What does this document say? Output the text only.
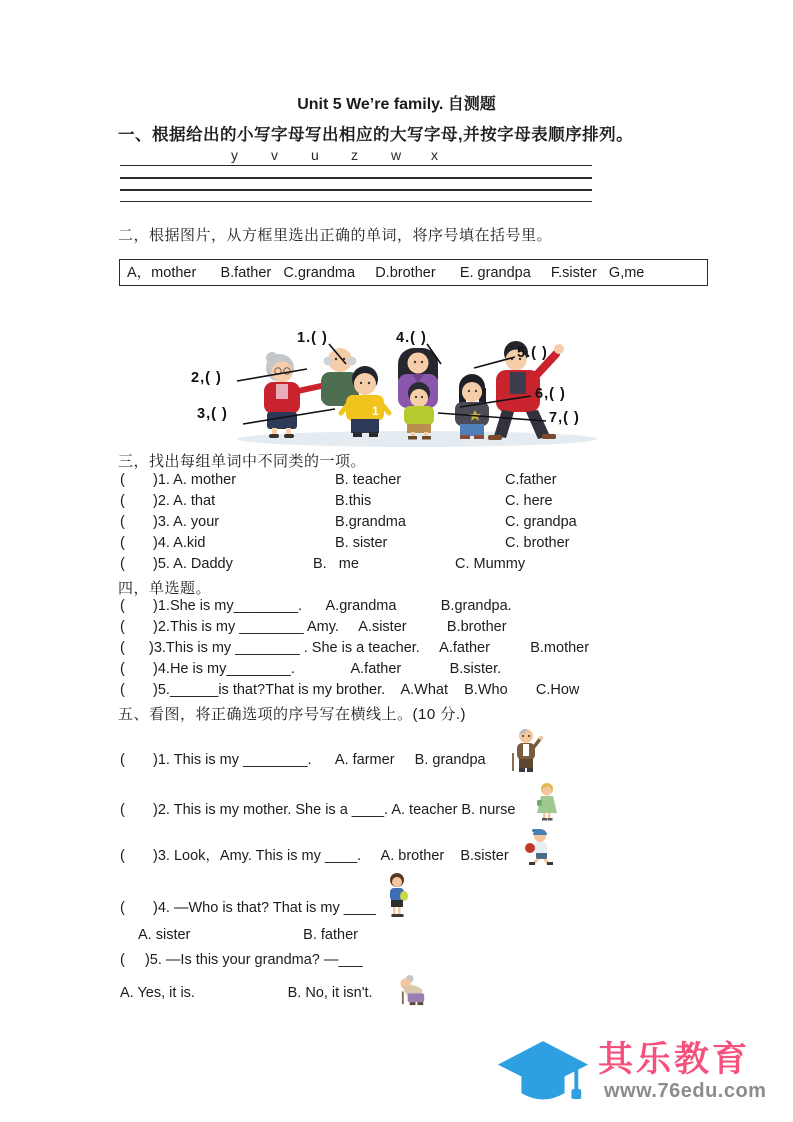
Unit 5 We’re family. 自测题
一、根据给出的小写字母写出相应的大写字母,并按字母表顺序排列。
y	v	u	z	w	x
二，根据图片，从方框里选出正确的单词，将序号填在括号里。
A，mother      B.father   C.grandma     D.brother      E. grandpa     F.sister   G,me
1
1.( )
2,( )
3,( )
4.( )
5.( )
6,( )
7,( )
三，找出每组单词中不同类的一项。
(       )1. A. mother	B. teacher	C.father
(       )2. A. that	B.this	C. here
(       )3. A. your	B.grandma	C. grandpa
(       )4. A.kid	B. sister	C. brother
(       )5. A. Daddy	B.   me	C. Mummy
四，单选题。
(       )1.She is my________.      A.grandma           B.grandpa.
(       )2.This is my ________ Amy.     A.sister          B.brother
(      )3.This is my ________ . She is a teacher.     A.father          B.mother
(       )4.He is my________.              A.father            B.sister.
(       )5.______is that?That is my brother.    A.What    B.Who       C.How
五、看图，将正确选项的序号写在横线上。(10 分.)
(       )1. This is my ________.      A. farmer     B. grandpa
(       )2. This is my mother. She is a ____. A. teacher B. nurse
(       )3. Look，Amy. This is my ____.     A. brother    B.sister
(       )4. —Who is that? That is my ____
A. sister                            B. father
(     )5. —Is this your grandma? —___
A. Yes, it is.                       B. No, it isn't.
其乐教育
www.76edu.com
